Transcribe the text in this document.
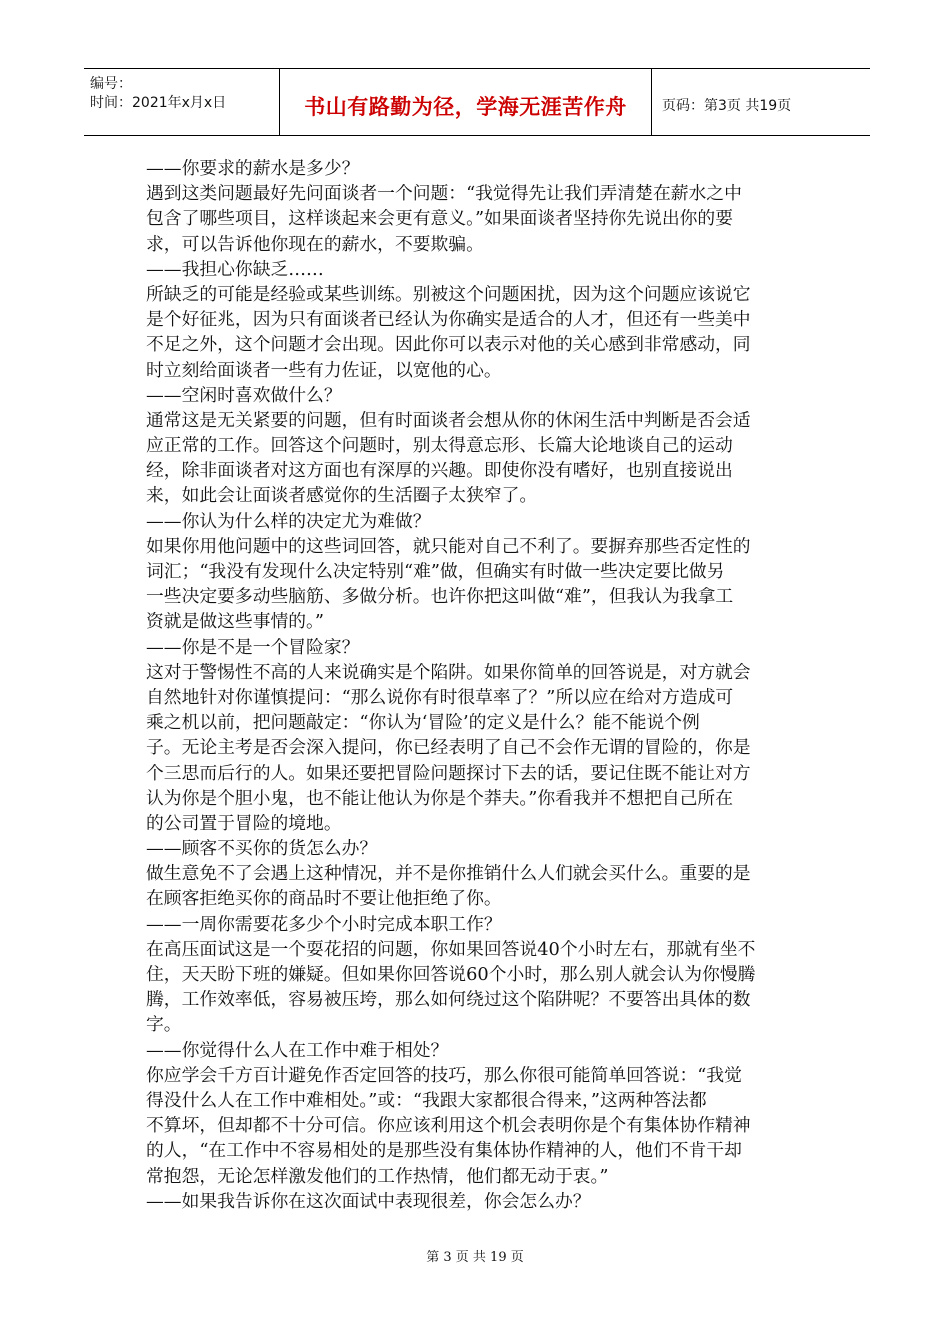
编号：
时间：2021年x月x日	书山有路勤为径，学海无涯苦作舟	页码：第3页 共19页
——你要求的薪水是多少？
遇到这类问题最好先问面谈者一个问题：“我觉得先让我们弄清楚在薪水之中
包含了哪些项目，这样谈起来会更有意义。”如果面谈者坚持你先说出你的要
求，可以告诉他你现在的薪水，不要欺骗。
——我担心你缺乏……
所缺乏的可能是经验或某些训练。别被这个问题困扰，因为这个问题应该说它
是个好征兆，因为只有面谈者已经认为你确实是适合的人才，但还有一些美中
不足之外，这个问题才会出现。因此你可以表示对他的关心感到非常感动，同
时立刻给面谈者一些有力佐证，以宽他的心。
——空闲时喜欢做什么？
通常这是无关紧要的问题，但有时面谈者会想从你的休闲生活中判断是否会适
应正常的工作。回答这个问题时，别太得意忘形、长篇大论地谈自己的运动
经，除非面谈者对这方面也有深厚的兴趣。即使你没有嗜好，也别直接说出
来，如此会让面谈者感觉你的生活圈子太狭窄了。
——你认为什么样的决定尤为难做？
如果你用他问题中的这些词回答，就只能对自己不利了。要摒弃那些否定性的
词汇；“我没有发现什么决定特别“难”做，但确实有时做一些决定要比做另
一些决定要多动些脑筋、多做分析。也许你把这叫做“难”，但我认为我拿工
资就是做这些事情的。”
——你是不是一个冒险家？
这对于警惕性不高的人来说确实是个陷阱。如果你简单的回答说是，对方就会
自然地针对你谨慎提问：“那么说你有时很草率了？”所以应在给对方造成可
乘之机以前，把问题敲定：“你认为‘冒险’的定义是什么？能不能说个例
子。无论主考是否会深入提问，你已经表明了自己不会作无谓的冒险的，你是
个三思而后行的人。如果还要把冒险问题探讨下去的话，要记住既不能让对方
认为你是个胆小鬼，也不能让他认为你是个莽夫。”你看我并不想把自己所在
的公司置于冒险的境地。
——顾客不买你的货怎么办？
做生意免不了会遇上这种情况，并不是你推销什么人们就会买什么。重要的是
在顾客拒绝买你的商品时不要让他拒绝了你。
——一周你需要花多少个小时完成本职工作？
在高压面试这是一个耍花招的问题，你如果回答说40个小时左右，那就有坐不
住，天天盼下班的嫌疑。但如果你回答说60个小时，那么别人就会认为你慢腾
腾，工作效率低，容易被压垮，那么如何绕过这个陷阱呢？不要答出具体的数
字。
——你觉得什么人在工作中难于相处？
你应学会千方百计避免作否定回答的技巧，那么你很可能简单回答说：“我觉
得没什么人在工作中难相处。”或：“我跟大家都很合得来，”这两种答法都
不算坏，但却都不十分可信。你应该利用这个机会表明你是个有集体协作精神
的人，“在工作中不容易相处的是那些没有集体协作精神的人，他们不肯干却
常抱怨，无论怎样激发他们的工作热情，他们都无动于衷。”
——如果我告诉你在这次面试中表现很差，你会怎么办？
第 3 页 共 19 页
